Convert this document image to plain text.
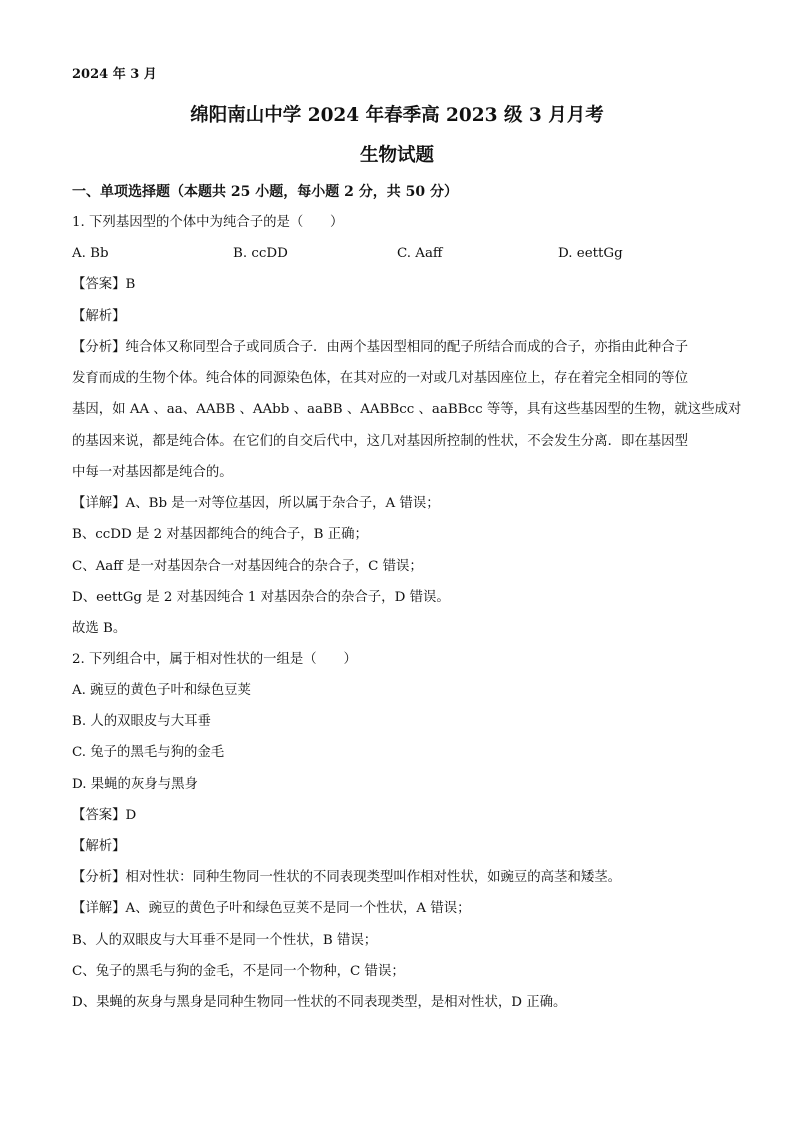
2024 年 3 月
绵阳南山中学 2024 年春季高 2023 级 3 月月考
生物试题
一、单项选择题（本题共 25 小题，每小题 2 分，共 50 分）
1. 下列基因型的个体中为纯合子的是（　　）
A. Bb	B. ccDD	C. Aaff	D. eettGg
【答案】B
【解析】
【分析】纯合体又称同型合子或同质合子．由两个基因型相同的配子所结合而成的合子，亦指由此种合子
发育而成的生物个体。纯合体的同源染色体，在其对应的一对或几对基因座位上，存在着完全相同的等位
基因，如 AA 、aa、AABB 、AAbb 、aaBB 、AABBcc 、aaBBcc 等等，具有这些基因型的生物，就这些成对
的基因来说，都是纯合体。在它们的自交后代中，这几对基因所控制的性状，不会发生分离．即在基因型
中每一对基因都是纯合的。
【详解】A、Bb 是一对等位基因，所以属于杂合子，A 错误；
B、ccDD 是 2 对基因都纯合的纯合子，B 正确；
C、Aaff 是一对基因杂合一对基因纯合的杂合子，C 错误；
D、eettGg 是 2 对基因纯合 1 对基因杂合的杂合子，D 错误。
故选 B。
2. 下列组合中，属于相对性状的一组是（　　）
A. 豌豆的黄色子叶和绿色豆荚
B. 人的双眼皮与大耳垂
C. 兔子的黑毛与狗的金毛
D. 果蝇的灰身与黑身
【答案】D
【解析】
【分析】相对性状：同种生物同一性状的不同表现类型叫作相对性状，如豌豆的高茎和矮茎。
【详解】A、豌豆的黄色子叶和绿色豆荚不是同一个性状，A 错误；
B、人的双眼皮与大耳垂不是同一个性状，B 错误；
C、兔子的黑毛与狗的金毛，不是同一个物种，C 错误；
D、果蝇的灰身与黑身是同种生物同一性状的不同表现类型，是相对性状，D 正确。
